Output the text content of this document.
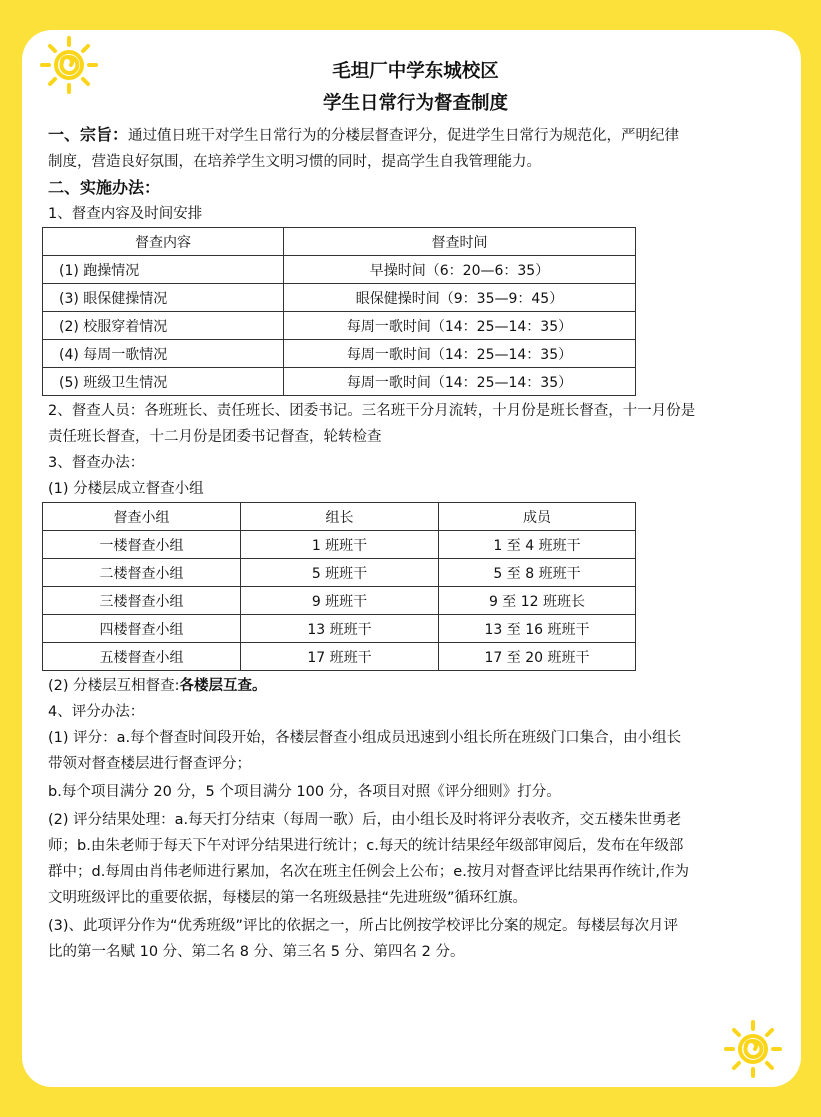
毛坦厂中学东城校区

学生日常行为督查制度

一、宗旨：通过值日班干对学生日常行为的分楼层督查评分，促进学生日常行为规范化，严明纪律
制度，营造良好氛围，在培养学生文明习惯的同时，提高学生自我管理能力。

二、实施办法：

1、督查内容及时间安排

督查内容	督查时间
(1) 跑操情况	早操时间（6：20—6：35）
(3) 眼保健操情况	眼保健操时间（9：35—9：45）
(2) 校服穿着情况	每周一歌时间（14：25—14：35）
(4) 每周一歌情况	每周一歌时间（14：25—14：35）
(5) 班级卫生情况	每周一歌时间（14：25—14：35）

2、督查人员：各班班长、责任班长、团委书记。三名班干分月流转，十月份是班长督查，十一月份是
责任班长督查，十二月份是团委书记督查，轮转检查

3、督查办法：

(1) 分楼层成立督查小组

督查小组	组长	成员
一楼督查小组	1 班班干	1 至 4 班班干
二楼督查小组	5 班班干	5 至 8 班班干
三楼督查小组	9 班班干	9 至 12 班班长
四楼督查小组	13 班班干	13 至 16 班班干
五楼督查小组	17 班班干	17 至 20 班班干

(2) 分楼层互相督查:各楼层互查。

4、评分办法：

(1) 评分：a.每个督查时间段开始，各楼层督查小组成员迅速到小组长所在班级门口集合，由小组长
带领对督查楼层进行督查评分；

b.每个项目满分 20 分，5 个项目满分 100 分，各项目对照《评分细则》打分。

(2) 评分结果处理：a.每天打分结束（每周一歌）后，由小组长及时将评分表收齐，交五楼朱世勇老
师；b.由朱老师于每天下午对评分结果进行统计；c.每天的统计结果经年级部审阅后，发布在年级部
群中；d.每周由肖伟老师进行累加，名次在班主任例会上公布；e.按月对督查评比结果再作统计,作为
文明班级评比的重要依据，每楼层的第一名班级悬挂“先进班级”循环红旗。

(3)、此项评分作为“优秀班级”评比的依据之一，所占比例按学校评比分案的规定。每楼层每次月评
比的第一名赋 10 分、第二名 8 分、第三名 5 分、第四名 2 分。
